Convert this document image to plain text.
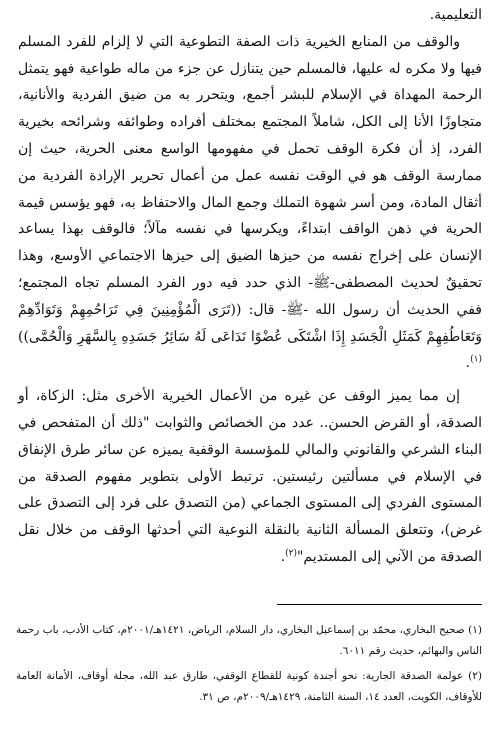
التعليمية.

والوقف من المنابع الخيرية ذات الصفة التطوعية التي لا إلزام للفرد المسلم فيها ولا مكره له عليها، فالمسلم حين يتنازل عن جزء من ماله طواعية فهو يتمثل الرحمة المهداة في الإسلام للبشر أجمع، ويتحرر به من ضيق الفردية والأنانية، متجاوزًا الأنا إلى الكل، شاملاً المجتمع بمختلف أفراده وطوائفه وشرائحه بخيرية الفرد، إذ أن فكرة الوقف تحمل في مفهومها الواسع معنى الحرية، حيث إن ممارسة الوقف هو في الوقت نفسه عمل من أعمال تحرير الإرادة الفردية من أثقال المادة، ومن أسر شهوة التملك وجمع المال والاحتفاظ به، فهو يؤسس قيمة الحرية في ذهن الواقف ابتداءً، ويكرسها في نفسه مآلاً؛ فالوقف بهذا يساعد الإنسان على إخراج نفسه من حيزها الضيق إلى حيزها الاجتماعي الأوسع، وهذا تحقيقٌ لحديث المصطفى-ﷺ- الذي حدد فيه دور الفرد المسلم تجاه المجتمع؛ ففي الحديث أن رسول الله -ﷺ- قال: ((تَرَى الْمُؤْمِنِينَ فِي تَرَاحُمِهِمْ وَتَوَادِّهِمْ وَتَعَاطُفِهِمْ كَمَثَلِ الْجَسَدِ إِذَا اشْتَكَى عُضْوًا تَدَاعَى لَهُ سَائِرُ جَسَدِهِ بِالسَّهَرِ وَالْحُمَّى))$^{(١)}$.

إن مما يميز الوقف عن غيره من الأعمال الخيرية الأخرى مثل: الزكاة، أو الصدقة، أو القرض الحسن.. عدد من الخصائص والثوابت "ذلك أن المتفحص في البناء الشرعي والقانوني والمالي للمؤسسة الوقفية يميزه عن سائر طرق الإنفاق في الإسلام في مسألتين رئيستين. ترتبط الأولى بتطوير مفهوم الصدقة من المستوى الفردي إلى المستوى الجماعي (من التصدق على فرد إلى التصدق على غرض)، وتتعلق المسألة الثانية بالنقلة النوعية التي أحدثها الوقف من خلال نقل الصدقة من الآني إلى المستديم"$^{(٢)}$.

(١) صحيح البخاري، محمّد بن إسماعيل البخاري، دار السلام، الرياض، ١٤٢١هـ/٢٠٠١م، كتاب الأدب، باب رحمة الناس والبهائم، حديث رقم ٦٠١١.

(٢) عولمة الصدقة الجارية: نحو أجندة كونية للقطاع الوقفي، طارق عبد الله، مجلة أوقاف، الأمانة العامة للأوقاف، الكويت، العدد ١٤، السنة الثامنة، ١٤٢٩هـ/٢٠٠٩م، ص ٣١.
